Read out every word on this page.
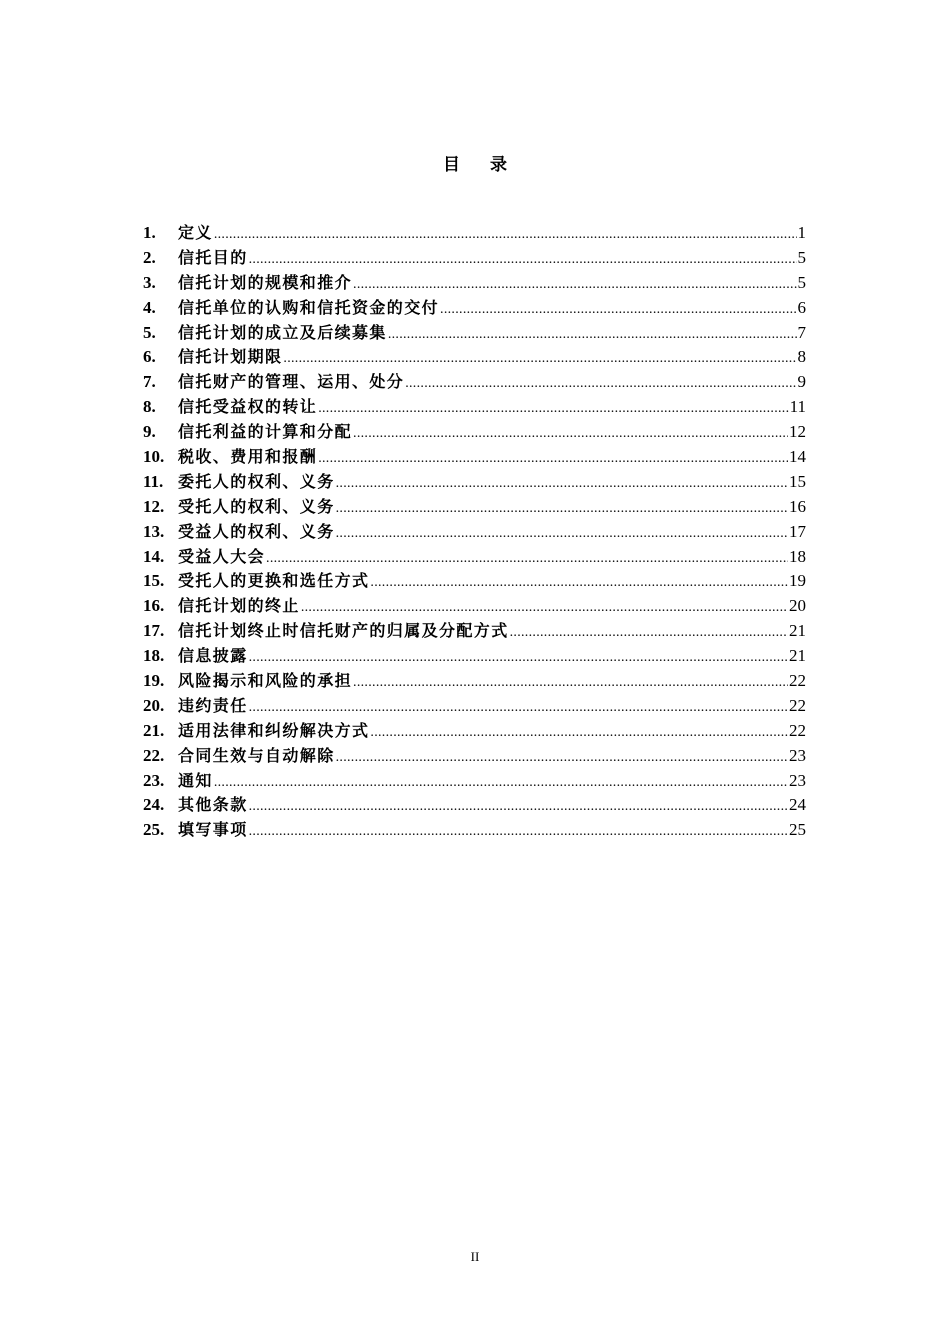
目 录
1.	定义 .....	1
2.	信托目的 .....	5
3.	信托计划的规模和推介 .....	5
4.	信托单位的认购和信托资金的交付 .....	6
5.	信托计划的成立及后续募集 .....	7
6.	信托计划期限 .....	8
7.	信托财产的管理、运用、处分 .....	9
8.	信托受益权的转让 .....	11
9.	信托利益的计算和分配 .....	12
10. 税收、费用和报酬 .....	14
11. 委托人的权利、义务 .....	15
12. 受托人的权利、义务 .....	16
13. 受益人的权利、义务 .....	17
14. 受益人大会 .....	18
15. 受托人的更换和选任方式 .....	19
16. 信托计划的终止 .....	20
17. 信托计划终止时信托财产的归属及分配方式 .....	21
18. 信息披露 .....	21
19. 风险揭示和风险的承担 .....	22
20. 违约责任 .....	22
21. 适用法律和纠纷解决方式 .....	22
22. 合同生效与自动解除 .....	23
23. 通知 .....	23
24. 其他条款 .....	24
25. 填写事项 .....	25
II
